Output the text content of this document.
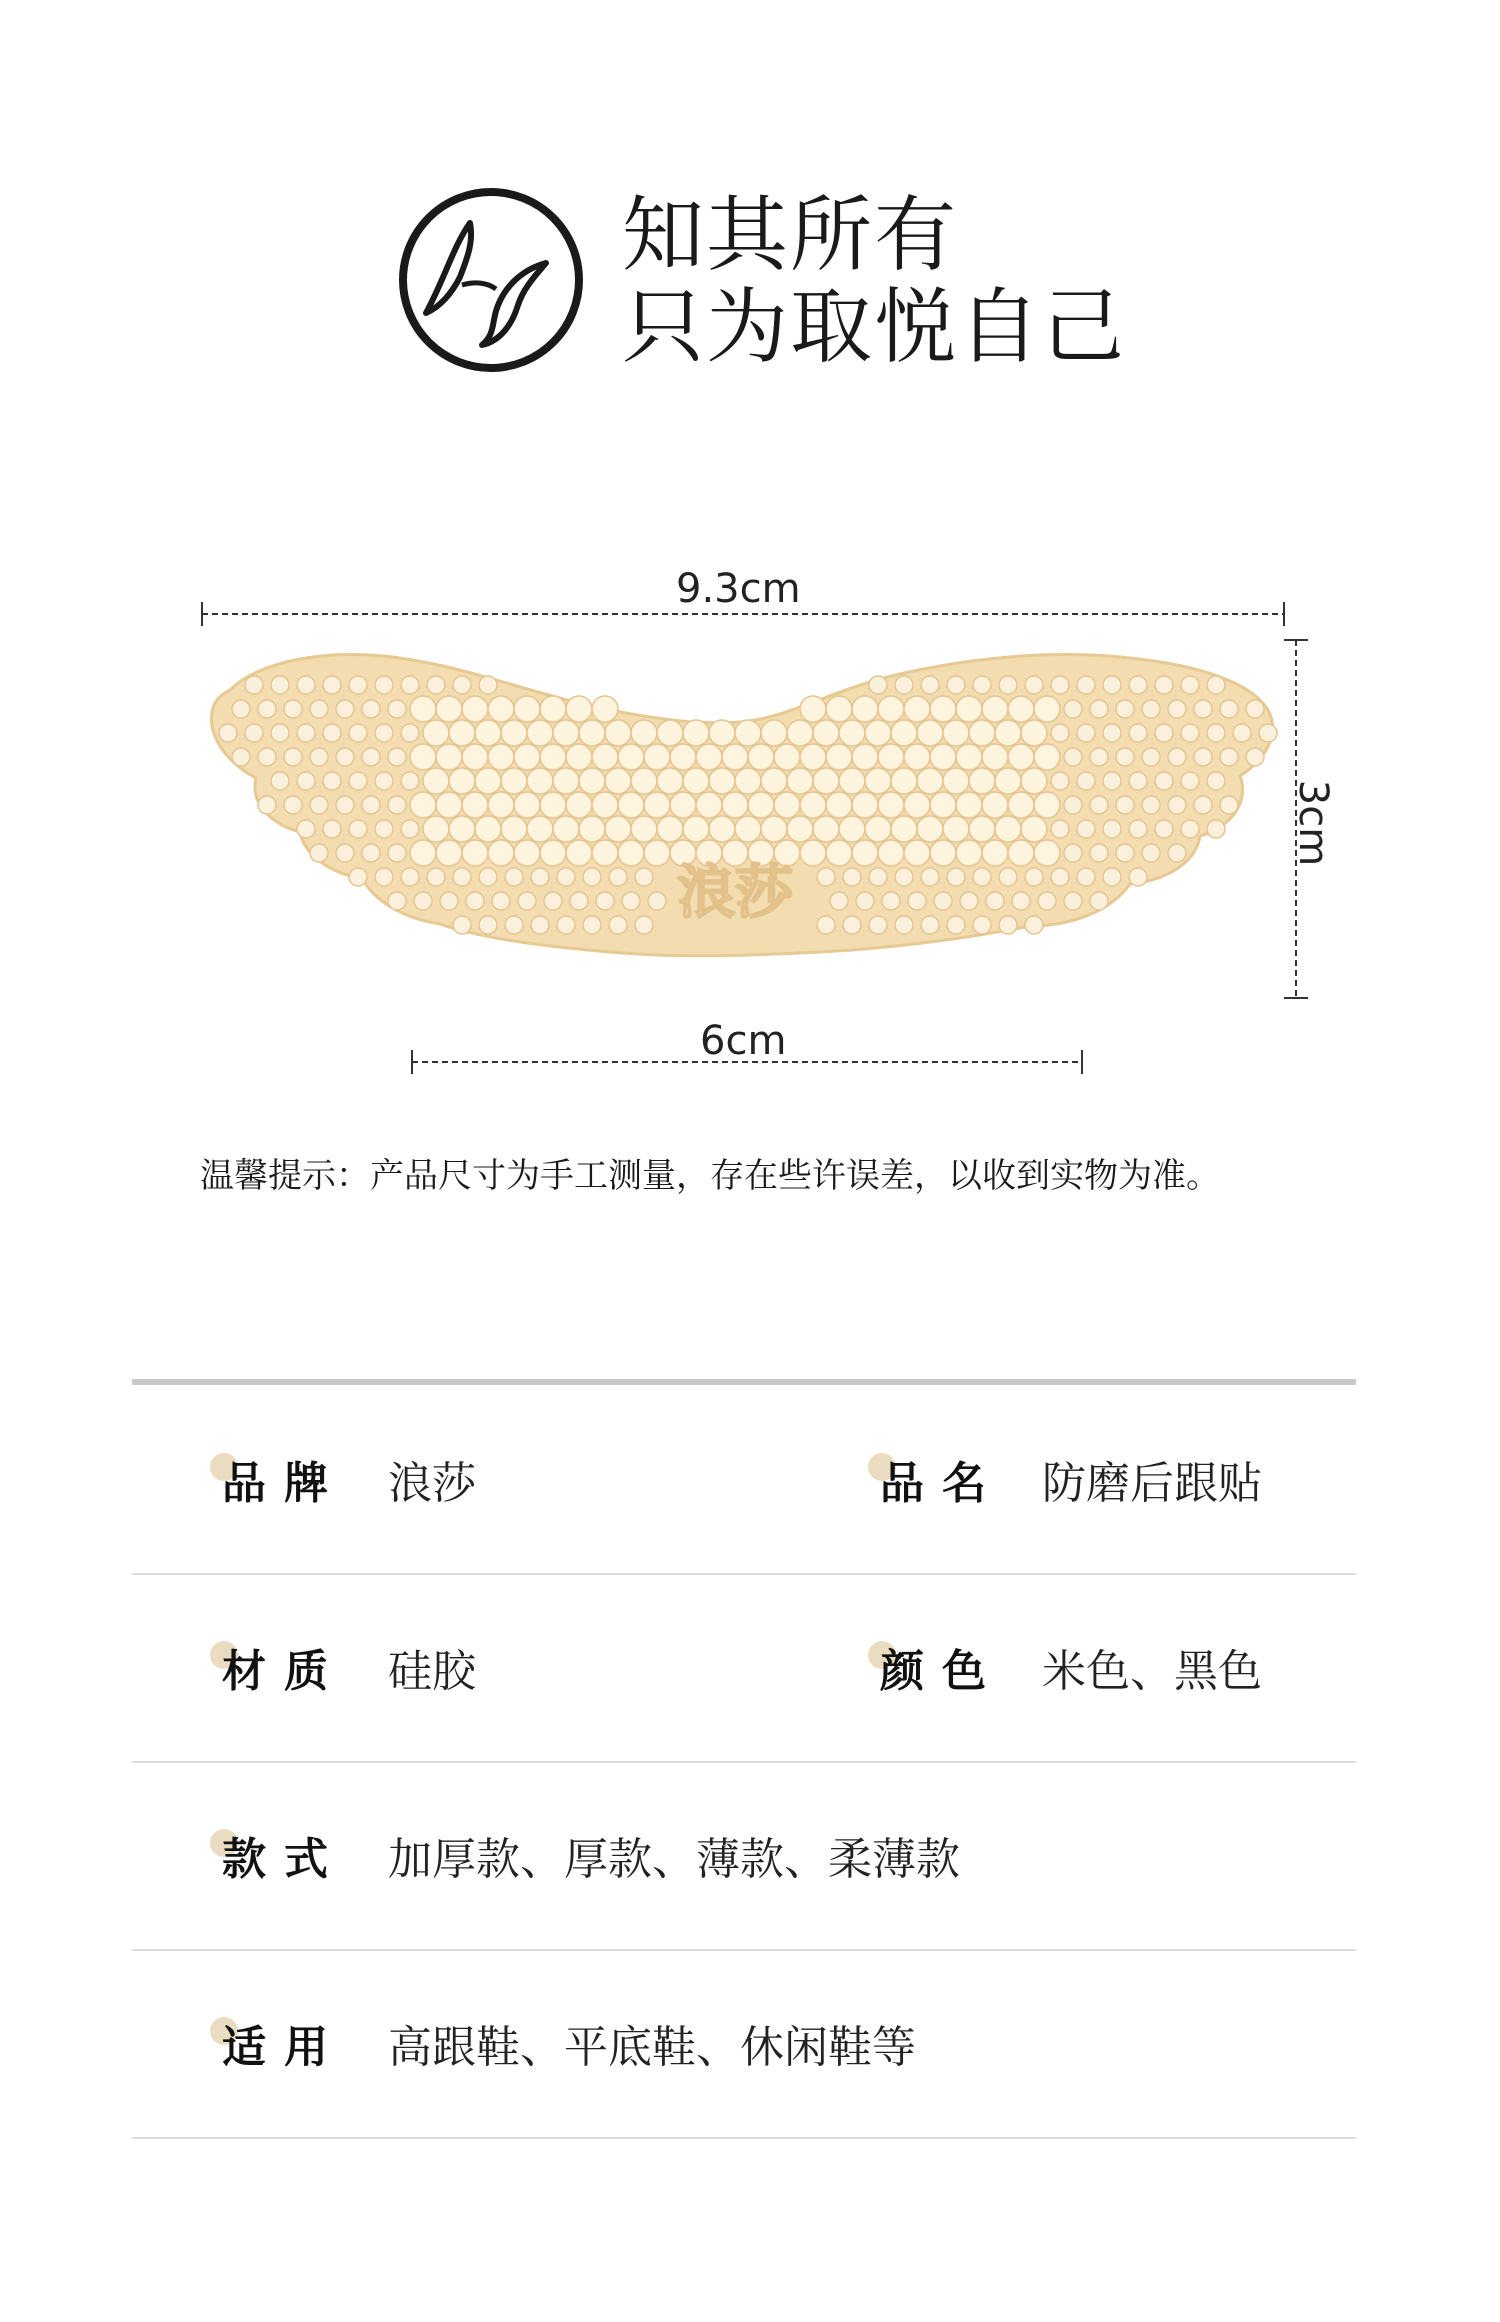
知其所有
只为取悦自己
浪莎
9.3cm
3cm
6cm
温馨提示：产品尺寸为手工测量，存在些许误差，以收到实物为准。
品牌 浪莎	品名 防磨后跟贴
材质 硅胶	颜色 米色、黑色
款式 加厚款、厚款、薄款、柔薄款
适用 高跟鞋、平底鞋、休闲鞋等
